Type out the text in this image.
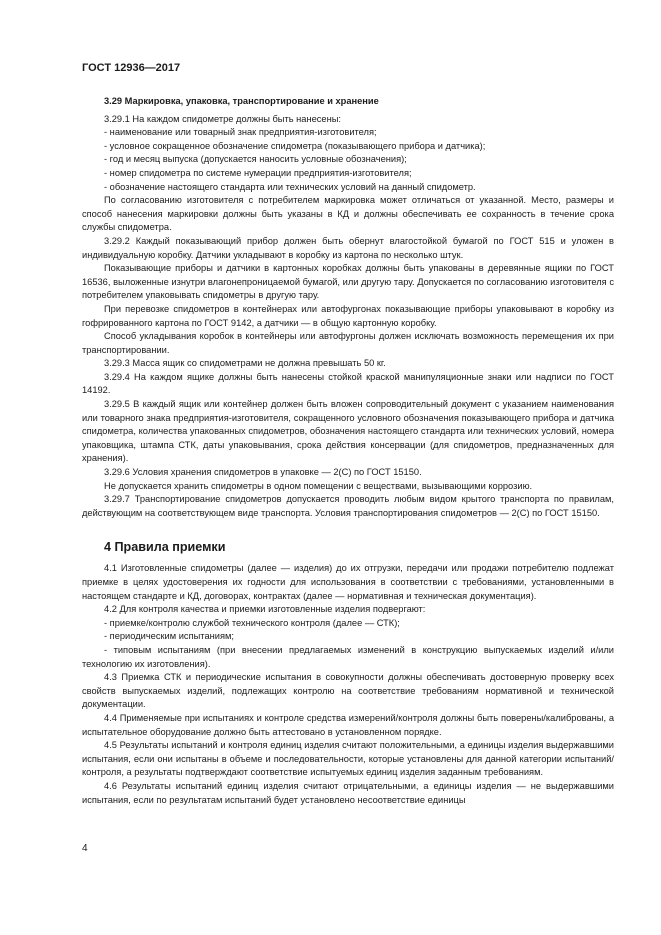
ГОСТ 12936—2017

3.29 Маркировка, упаковка, транспортирование и хранение

3.29.1 На каждом спидометре должны быть нанесены:

- наименование или товарный знак предприятия-изготовителя;

- условное сокращенное обозначение спидометра (показывающего прибора и датчика);

- год и месяц выпуска (допускается наносить условные обозначения);

- номер спидометра по системе нумерации предприятия-изготовителя;

- обозначение настоящего стандарта или технических условий на данный спидометр.

По согласованию изготовителя с потребителем маркировка может отличаться от указанной. Место, размеры и способ нанесения маркировки должны быть указаны в КД и должны обеспечивать ее сохранность в течение срока службы спидометра.

3.29.2 Каждый показывающий прибор должен быть обернут влагостойкой бумагой по ГОСТ 515 и уложен в индивидуальную коробку. Датчики укладывают в коробку из картона по несколько штук.

Показывающие приборы и датчики в картонных коробках должны быть упакованы в деревянные ящики по ГОСТ 16536, выложенные изнутри влагонепроницаемой бумагой, или другую тару. Допускается по согласованию изготовителя с потребителем упаковывать спидометры в другую тару.

При перевозке спидометров в контейнерах или автофургонах показывающие приборы упаковывают в коробку из гофрированного картона по ГОСТ 9142, а датчики — в общую картонную коробку.

Способ укладывания коробок в контейнеры или автофургоны должен исключать возможность перемещения их при транспортировании.

3.29.3 Масса ящик со спидометрами не должна превышать 50 кг.

3.29.4 На каждом ящике должны быть нанесены стойкой краской манипуляционные знаки или надписи по ГОСТ 14192.

3.29.5 В каждый ящик или контейнер должен быть вложен сопроводительный документ с указанием наименования или товарного знака предприятия-изготовителя, сокращенного условного обозначения показывающего прибора и датчика спидометра, количества упакованных спидометров, обозначения настоящего стандарта или технических условий, номера упаковщика, штампа СТК, даты упаковывания, срока действия консервации (для спидометров, предназначенных для хранения).

3.29.6 Условия хранения спидометров в упаковке — 2(С) по ГОСТ 15150.

Не допускается хранить спидометры в одном помещении с веществами, вызывающими коррозию.

3.29.7 Транспортирование спидометров допускается проводить любым видом крытого транспорта по правилам, действующим на соответствующем виде транспорта. Условия транспортирования спидометров — 2(С) по ГОСТ 15150.

4 Правила приемки

4.1 Изготовленные спидометры (далее — изделия) до их отгрузки, передачи или продажи потребителю подлежат приемке в целях удостоверения их годности для использования в соответствии с требованиями, установленными в настоящем стандарте и КД, договорах, контрактах (далее — нормативная и техническая документация).

4.2 Для контроля качества и приемки изготовленные изделия подвергают:

- приемке/контролю службой технического контроля (далее — СТК);

- периодическим испытаниям;

- типовым испытаниям (при внесении предлагаемых изменений в конструкцию выпускаемых изделий и/или технологию их изготовления).

4.3 Приемка СТК и периодические испытания в совокупности должны обеспечивать достоверную проверку всех свойств выпускаемых изделий, подлежащих контролю на соответствие требованиям нормативной и технической документации.

4.4 Применяемые при испытаниях и контроле средства измерений/контроля должны быть поверены/калиброваны, а испытательное оборудование должно быть аттестовано в установленном порядке.

4.5 Результаты испытаний и контроля единиц изделия считают положительными, а единицы изделия выдержавшими испытания, если они испытаны в объеме и последовательности, которые установлены для данной категории испытаний/контроля, а результаты подтверждают соответствие испытуемых единиц изделия заданным требованиям.

4.6 Результаты испытаний единиц изделия считают отрицательными, а единицы изделия — не выдержавшими испытания, если по результатам испытаний будет установлено несоответствие единицы

4
